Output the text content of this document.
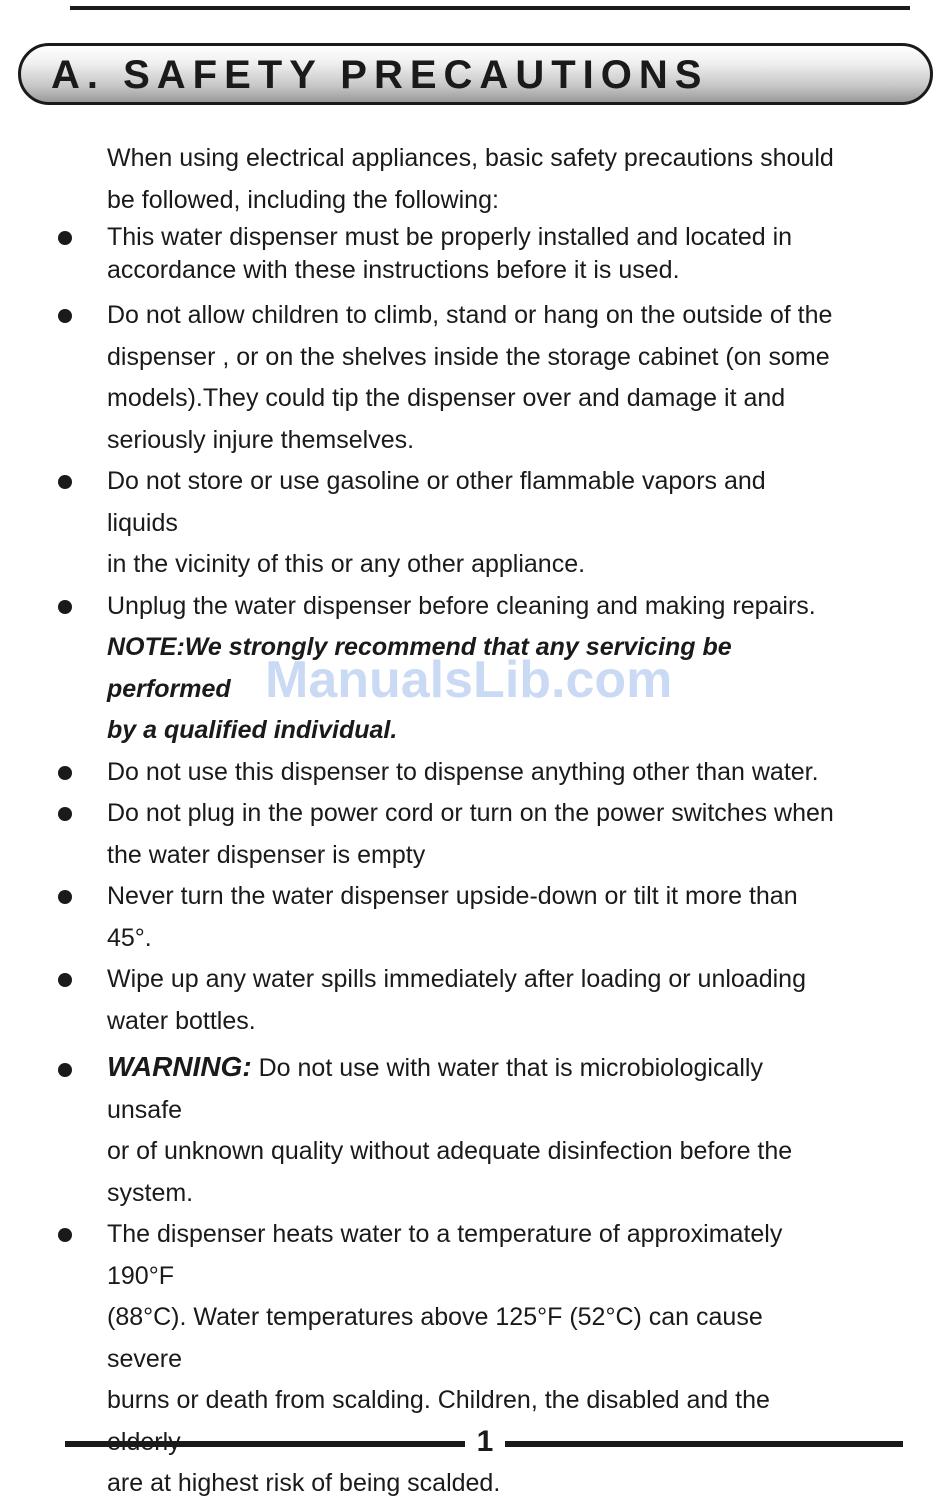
A. SAFETY PRECAUTIONS

When using electrical appliances, basic safety precautions should
be followed, including the following:

This water dispenser must be properly installed and located in
accordance with these instructions before it is used.

Do not allow children to climb, stand or hang on the outside of the
dispenser , or on the shelves inside the storage cabinet (on some
models).They could tip the dispenser over and damage it and
seriously injure themselves.

Do not store or use gasoline or other flammable vapors and liquids
in the vicinity of this or any other appliance.

Unplug the water dispenser before cleaning and making repairs.

NOTE:We strongly recommend that any servicing be performed
by a qualified individual.

Do not use this dispenser to dispense anything other than water.

Do not plug in the power cord or turn on the power switches when
the water dispenser is empty

Never turn the water dispenser upside-down or tilt it more than 45°.

Wipe up any water spills immediately after loading or unloading
water bottles.

WARNING: Do not use with water that is microbiologically unsafe
or of unknown quality without adequate disinfection before the
system.

The dispenser heats water to a temperature of approximately 190°F
(88°C). Water temperatures above 125°F (52°C) can cause severe
burns or death from scalding. Children, the disabled and the
are at highest risk of being scalded.

ManualsLib.com
1
